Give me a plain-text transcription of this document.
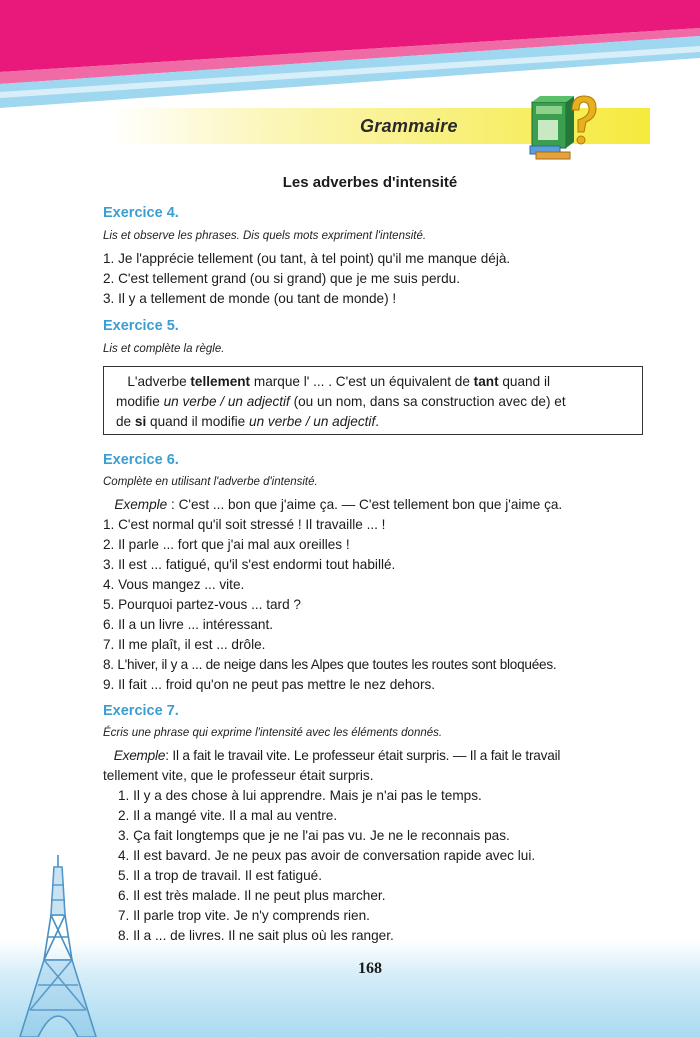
Grammaire
Les adverbes d'intensité
Exercice 4.
Lis et observe les phrases. Dis quels mots expriment l'intensité.
1. Je l'apprécie tellement (ou tant, à tel point) qu'il me manque déjà.
2. C'est tellement grand (ou si grand) que je me suis perdu.
3. Il y a tellement de monde (ou tant de monde) !
Exercice 5.
Lis et complète la règle.
L'adverbe tellement marque l' ... . C'est un équivalent de tant quand il
modifie un verbe / un adjectif (ou un nom, dans sa construction avec de) et
de si quand il modifie un verbe / un adjectif.
Exercice 6.
Complète en utilisant l'adverbe d'intensité.
Exemple : C'est ... bon que j'aime ça. — C'est tellement bon que j'aime ça.
1. C'est normal qu'il soit stressé ! Il travaille ... !
2. Il parle ... fort que j'ai mal aux oreilles !
3. Il est ... fatigué, qu'il s'est endormi tout habillé.
4. Vous mangez ... vite.
5. Pourquoi partez-vous ... tard ?
6. Il a un livre ... intéressant.
7. Il me plaît, il est ... drôle.
8. L'hiver, il y a ... de neige dans les Alpes que toutes les routes sont bloquées.
9. Il fait ... froid qu'on ne peut pas mettre le nez dehors.
Exercice 7.
Écris une phrase qui exprime l'intensité avec les éléments donnés.
Exemple: Il a fait le travail vite. Le professeur était surpris. — Il a fait le travail
tellement vite, que le professeur était surpris.
1. Il y a des chose à lui apprendre. Mais je n'ai pas le temps.
2. Il a mangé vite. Il a mal au ventre.
3. Ça fait longtemps que je ne l'ai pas vu. Je ne le reconnais pas.
4. Il est bavard. Je ne peux pas avoir de conversation rapide avec lui.
5. Il a trop de travail. Il est fatigué.
6. Il est très malade. Il ne peut plus marcher.
7. Il parle trop vite. Je n'y comprends rien.
8. Il a ... de livres. Il ne sait plus où les ranger.
168
